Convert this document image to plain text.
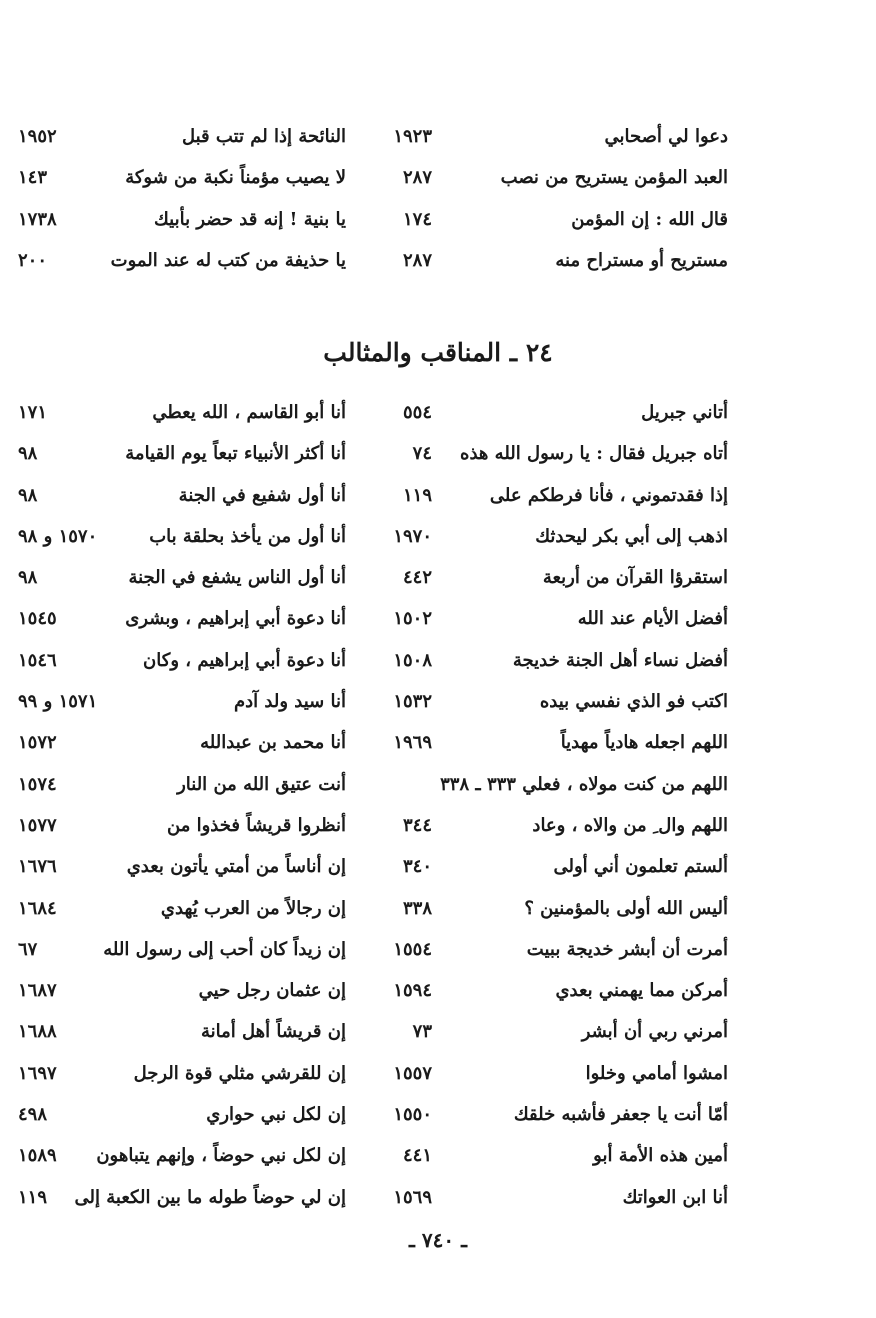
دعوا لي أصحابي
١٩٢٣
النائحة إذا لم تتب قبل
١٩٥٢
العبد المؤمن يستريح من نصب
٢٨٧
لا يصيب مؤمناً نكبة من شوكة
١٤٣
قال الله : إن المؤمن
١٧٤
يا بنية ! إنه قد حضر بأبيك
١٧٣٨
مستريح أو مستراح منه
٢٨٧
يا حذيفة من كتب له عند الموت
٢٠٠
٢٤ ـ المناقب والمثالب
أتاني جبريل
٥٥٤
أنا أبو القاسم ، الله يعطي
١٧١
أتاه جبريل فقال : يا رسول الله هذه
٧٤
أنا أكثر الأنبياء تبعاً يوم القيامة
٩٨
إذا فقدتموني ، فأنا فرطكم على
١١٩
أنا أول شفيع في الجنة
٩٨
اذهب إلى أبي بكر ليحدثك
١٩٧٠
أنا أول من يأخذ بحلقة باب
١٥٧٠ و ٩٨
استقرؤا القرآن من أربعة
٤٤٢
أنا أول الناس يشفع في الجنة
٩٨
أفضل الأيام عند الله
١٥٠٢
أنا دعوة أبي إبراهيم ، وبشرى
١٥٤٥
أفضل نساء أهل الجنة خديجة
١٥٠٨
أنا دعوة أبي إبراهيم ، وكان
١٥٤٦
اكتب فو الذي نفسي بيده
١٥٣٢
أنا سيد ولد آدم
١٥٧١ و ٩٩
اللهم اجعله هادياً مهدياً
١٩٦٩
أنا محمد بن عبدالله
١٥٧٢
اللهم من كنت مولاه ، فعلي ٣٣٣ ـ ٣٣٨
أنت عتيق الله من النار
١٥٧٤
اللهم وال ِ من والاه ، وعاد
٣٤٤
أنظروا قريشاً فخذوا من
١٥٧٧
ألستم تعلمون أني أولى
٣٤٠
إن أناساً من أمتي يأتون بعدي
١٦٧٦
أليس الله أولى بالمؤمنين ؟
٣٣٨
إن رجالاً من العرب يُهدي
١٦٨٤
أمرت أن أبشر خديجة ببيت
١٥٥٤
إن زيداً كان أحب إلى رسول الله
٦٧
أمركن مما يهمني بعدي
١٥٩٤
إن عثمان رجل حيي
١٦٨٧
أمرني ربي أن أبشر
٧٣
إن قريشاً أهل أمانة
١٦٨٨
امشوا أمامي وخلوا
١٥٥٧
إن للقرشي مثلي قوة الرجل
١٦٩٧
أمّا أنت يا جعفر فأشبه خلقك
١٥٥٠
إن لكل نبي حواري
٤٩٨
أمين هذه الأمة أبو
٤٤١
إن لكل نبي حوضاً ، وإنهم يتباهون
١٥٨٩
أنا ابن العواتك
١٥٦٩
إن لي حوضاً طوله ما بين الكعبة إلى
١١٩
ـ ٧٤٠ ـ
